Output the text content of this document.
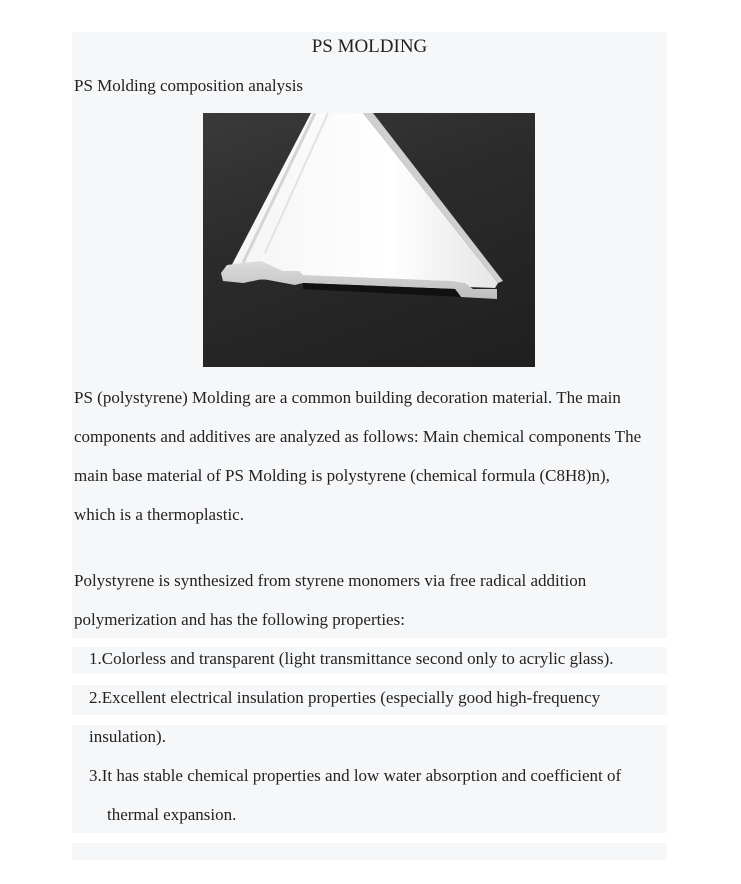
PS MOLDING
PS Molding composition analysis
PS (polystyrene) Molding are a common building decoration material. The main
components and additives are analyzed as follows: Main chemical components The
main base material of PS Molding is polystyrene (chemical formula (C8H8)n),
which is a thermoplastic.
Polystyrene is synthesized from styrene monomers via free radical addition
polymerization and has the following properties:
1.Colorless and transparent (light transmittance second only to acrylic glass).
2.Excellent electrical insulation properties (especially good high-frequency
insulation).
3.It has stable chemical properties and low water absorption and coefficient of
thermal expansion.
